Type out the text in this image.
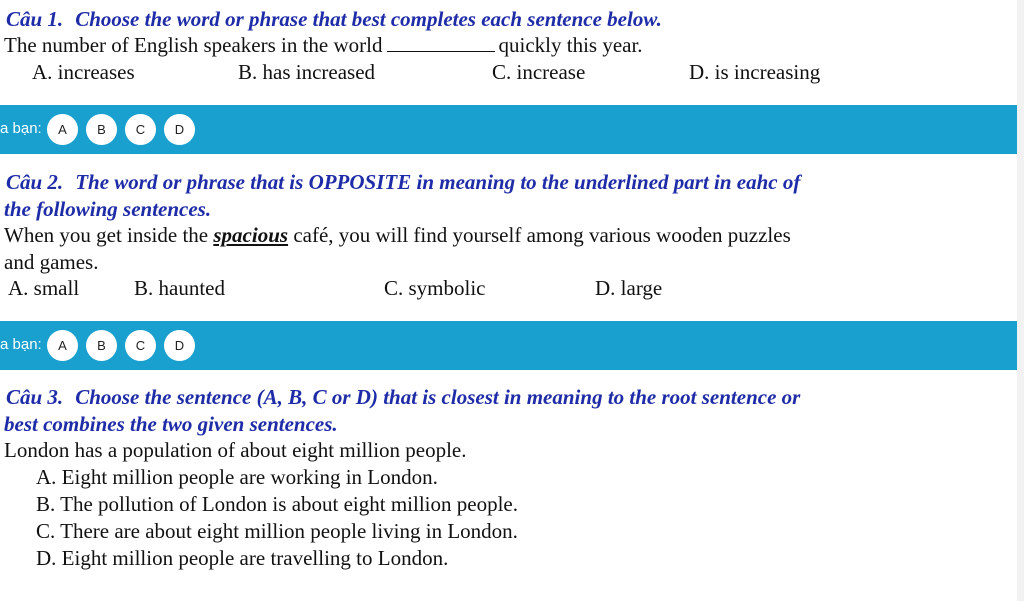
Câu 1. Choose the word or phrase that best completes each sentence below.
The number of English speakers in the world	quickly this year.
A. increases	B. has increased	C. increase	D. is increasing
a bạn:	A	B	C	D
Câu 2. The word or phrase that is OPPOSITE in meaning to the underlined part in eahc of
the following sentences.
When you get inside the spacious café, you will find yourself among various wooden puzzles
and games.
A. small	B. haunted	C. symbolic	D. large
a bạn:	A	B	C	D
Câu 3. Choose the sentence (A, B, C or D) that is closest in meaning to the root sentence or
best combines the two given sentences.
London has a population of about eight million people.
A. Eight million people are working in London.
B. The pollution of London is about eight million people.
C. There are about eight million people living in London.
D. Eight million people are travelling to London.
